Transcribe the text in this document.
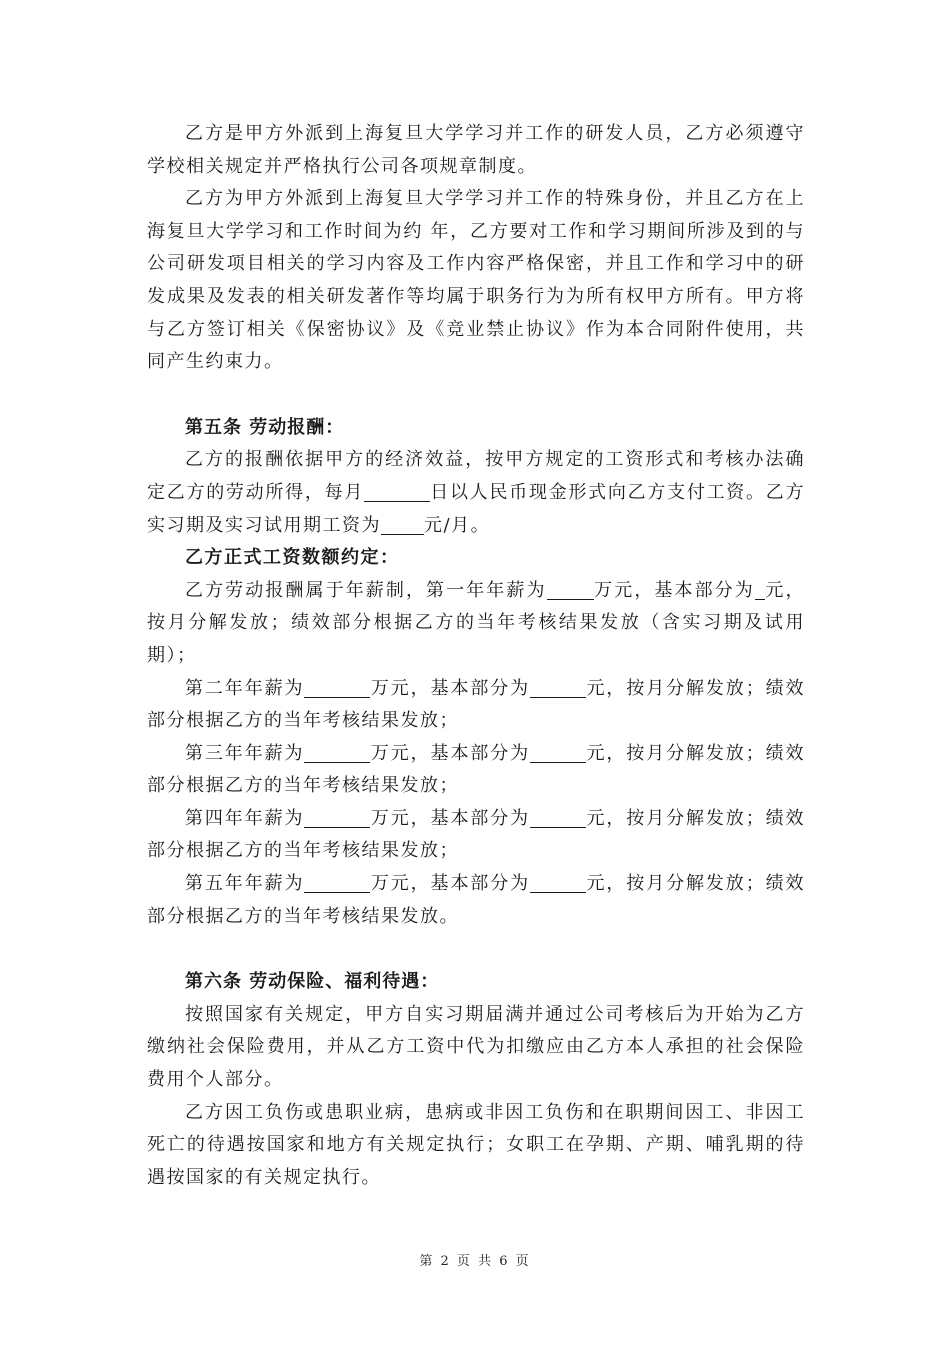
乙方是甲方外派到上海复旦大学学习并工作的研发人员，乙方必须遵守学校相关规定并严格执行公司各项规章制度。

乙方为甲方外派到上海复旦大学学习并工作的特殊身份，并且乙方在上海复旦大学学习和工作时间为约 年，乙方要对工作和学习期间所涉及到的与公司研发项目相关的学习内容及工作内容严格保密，并且工作和学习中的研发成果及发表的相关研发著作等均属于职务行为为所有权甲方所有。甲方将与乙方签订相关《保密协议》及《竞业禁止协议》作为本合同附件使用，共同产生约束力。

第五条 劳动报酬：

乙方的报酬依据甲方的经济效益，按甲方规定的工资形式和考核办法确定乙方的劳动所得，每月	日以人民币现金形式向乙方支付工资。乙方实习期及实习试用期工资为 元/月。

乙方正式工资数额约定：

乙方劳动报酬属于年薪制，第一年年薪为	万元，基本部分为 元，按月分解发放；绩效部分根据乙方的当年考核结果发放（含实习期及试用期）；

第二年年薪为	万元，基本部分为	元，按月分解发放；绩效部分根据乙方的当年考核结果发放；

第三年年薪为	万元，基本部分为	元，按月分解发放；绩效部分根据乙方的当年考核结果发放；

第四年年薪为	万元，基本部分为	元，按月分解发放；绩效部分根据乙方的当年考核结果发放；

第五年年薪为	万元，基本部分为	元，按月分解发放；绩效部分根据乙方的当年考核结果发放。

第六条 劳动保险、福利待遇：

按照国家有关规定，甲方自实习期届满并通过公司考核后为开始为乙方缴纳社会保险费用，并从乙方工资中代为扣缴应由乙方本人承担的社会保险费用个人部分。

乙方因工负伤或患职业病，患病或非因工负伤和在职期间因工、非因工死亡的待遇按国家和地方有关规定执行；女职工在孕期、产期、哺乳期的待遇按国家的有关规定执行。

第 2 页 共 6 页
